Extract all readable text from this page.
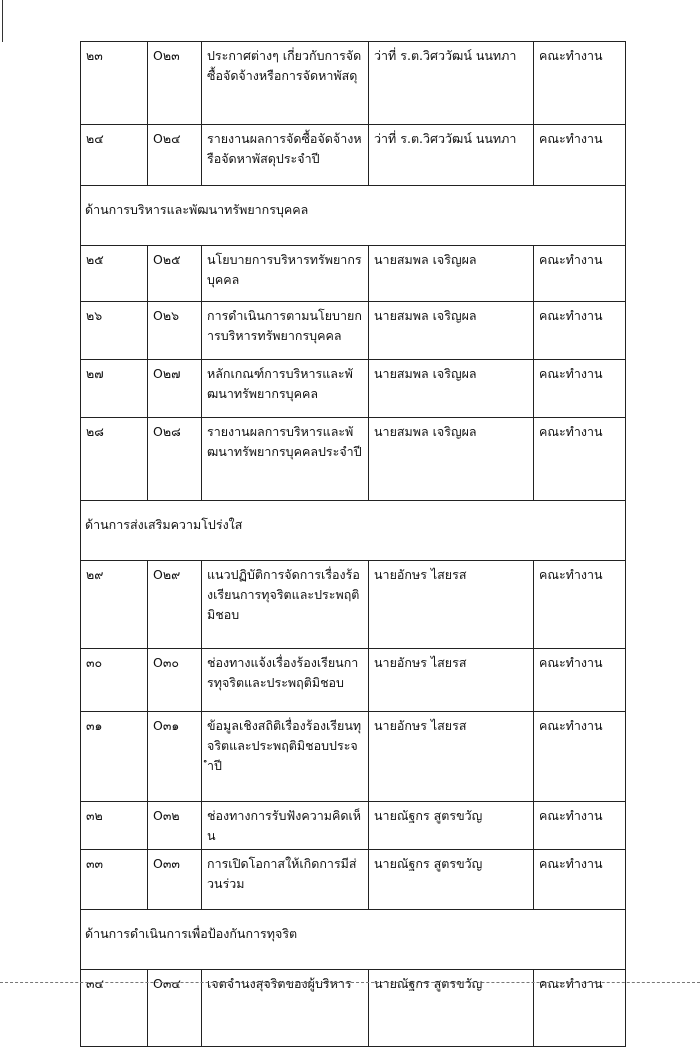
๒๓	O๒๓	ประกาศต่างๆ เกี่ยวกับการจัดซื้อจัดจ้างหรือการจัดหาพัสดุ	ว่าที่ ร.ต.วิศววัฒน์ นนทภา	คณะทำงาน
๒๔	O๒๔	รายงานผลการจัดซื้อจัดจ้างหรือจัดหาพัสดุประจำปี	ว่าที่ ร.ต.วิศววัฒน์ นนทภา	คณะทำงาน
ด้านการบริหารและพัฒนาทรัพยากรบุคคล				
๒๕	O๒๕	นโยบายการบริหารทรัพยากรบุคคล	นายสมพล เจริญผล	คณะทำงาน
๒๖	O๒๖	การดำเนินการตามนโยบายการบริหารทรัพยากรบุคคล	นายสมพล เจริญผล	คณะทำงาน
๒๗	O๒๗	หลักเกณฑ์การบริหารและพัฒนาทรัพยากรบุคคล	นายสมพล เจริญผล	คณะทำงาน
๒๘	O๒๘	รายงานผลการบริหารและพัฒนาทรัพยากรบุคคลประจำปี	นายสมพล เจริญผล	คณะทำงาน
ด้านการส่งเสริมความโปร่งใส				
๒๙	O๒๙	แนวปฏิบัติการจัดการเรื่องร้องเรียนการทุจริตและประพฤติมิชอบ	นายอักษร ไสยรส	คณะทำงาน
๓๐	O๓๐	ช่องทางแจ้งเรื่องร้องเรียนการทุจริตและประพฤติมิชอบ	นายอักษร ไสยรส	คณะทำงาน
๓๑	O๓๑	ข้อมูลเชิงสถิติเรื่องร้องเรียนทุจริตและประพฤติมิชอบประจำปี	นายอักษร ไสยรส	คณะทำงาน
๓๒	O๓๒	ช่องทางการรับฟังความคิดเห็น	นายณัฐกร สูตรขวัญ	คณะทำงาน
๓๓	O๓๓	การเปิดโอกาสให้เกิดการมีส่วนร่วม	นายณัฐกร สูตรขวัญ	คณะทำงาน
ด้านการดำเนินการเพื่อป้องกันการทุจริต				
๓๔	O๓๔	เจตจำนงสุจริตของผู้บริหาร	นายณัฐกร สูตรขวัญ	คณะทำงาน
